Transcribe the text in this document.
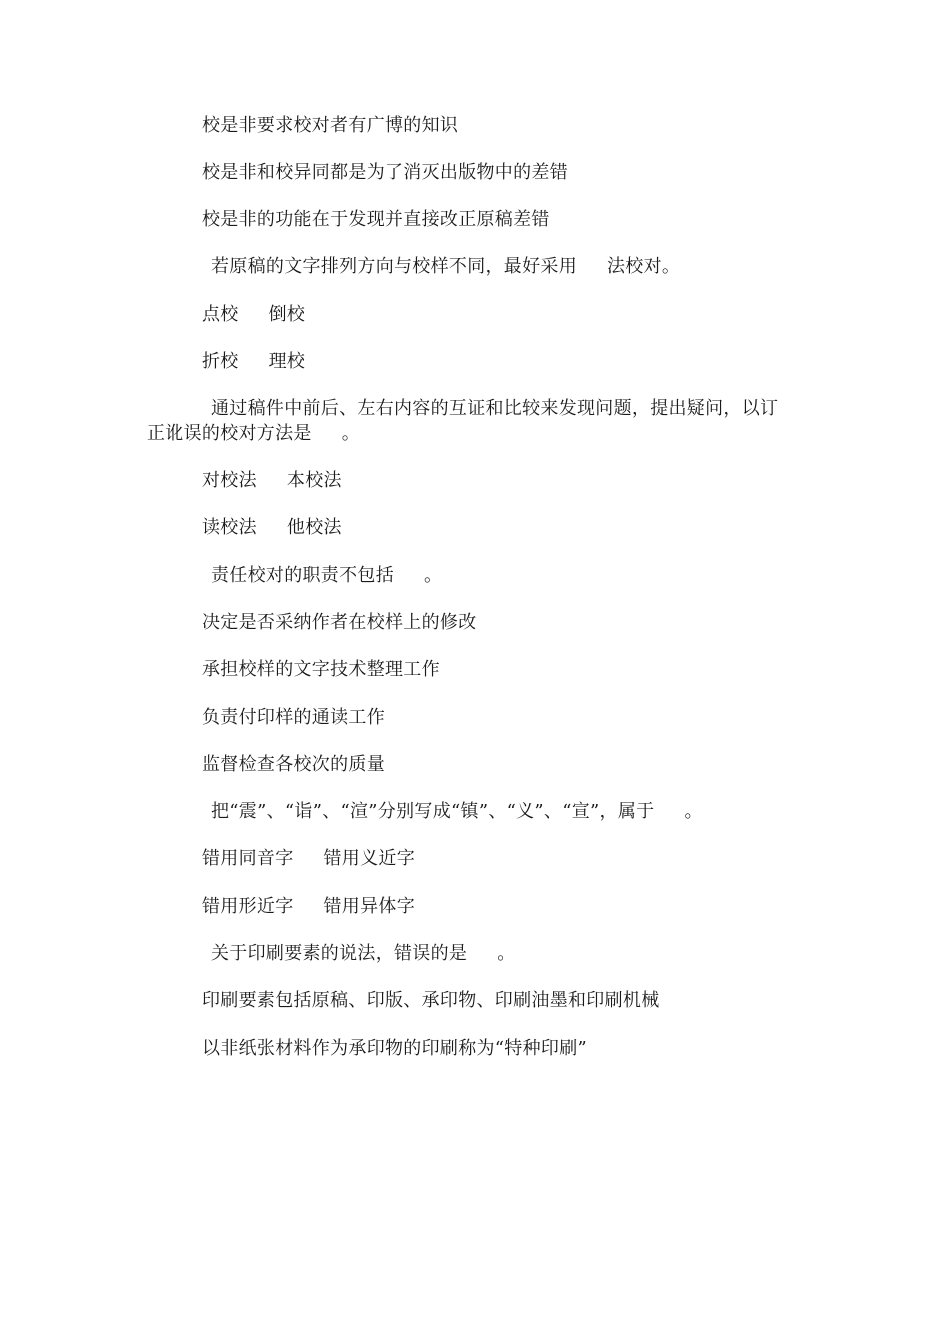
校是非要求校对者有广博的知识
校是非和校异同都是为了消灭出版物中的差错
校是非的功能在于发现并直接改正原稿差错
若原稿的文字排列方向与校样不同，最好采用 法校对。
点校 倒校
折校 理校
通过稿件中前后、左右内容的互证和比较来发现问题，提出疑问，以订
正讹误的校对方法是 。
对校法 本校法
读校法 他校法
责任校对的职责不包括 。
决定是否采纳作者在校样上的修改
承担校样的文字技术整理工作
负责付印样的通读工作
监督检查各校次的质量
把“震”、“诣”、“渲”分别写成“镇”、“义”、“宣”，属于 。
错用同音字 错用义近字
错用形近字 错用异体字
关于印刷要素的说法，错误的是 。
印刷要素包括原稿、印版、承印物、印刷油墨和印刷机械
以非纸张材料作为承印物的印刷称为“特种印刷”
